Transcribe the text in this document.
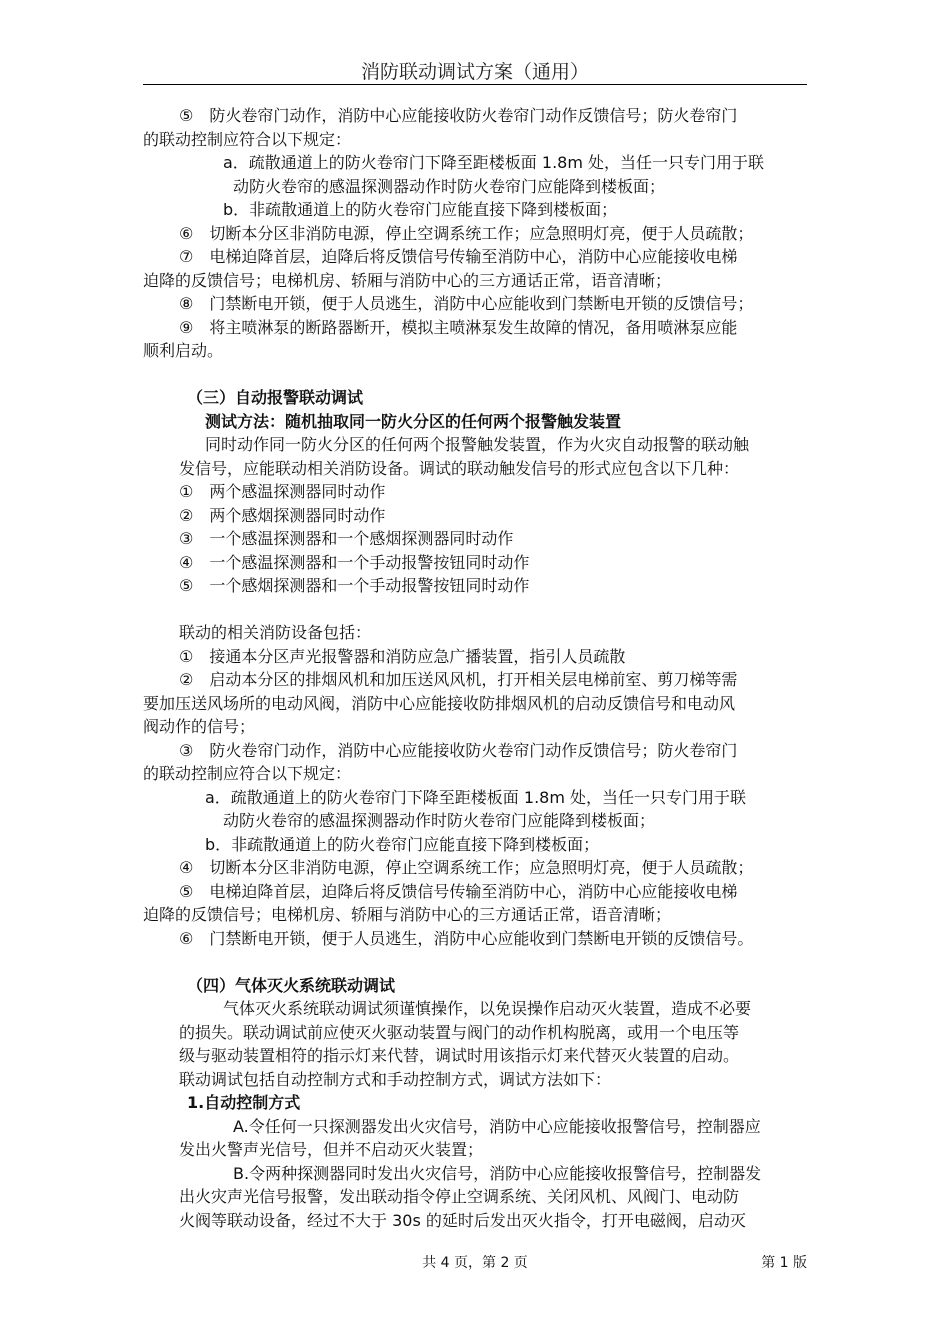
消防联动调试方案（通用）
⑤　防火卷帘门动作，消防中心应能接收防火卷帘门动作反馈信号；防火卷帘门
的联动控制应符合以下规定：
a．疏散通道上的防火卷帘门下降至距楼板面 1.8m 处，当任一只专门用于联
动防火卷帘的感温探测器动作时防火卷帘门应能降到楼板面；
b．非疏散通道上的防火卷帘门应能直接下降到楼板面；
⑥　切断本分区非消防电源，停止空调系统工作；应急照明灯亮，便于人员疏散；
⑦　电梯迫降首层，迫降后将反馈信号传输至消防中心，消防中心应能接收电梯
迫降的反馈信号；电梯机房、轿厢与消防中心的三方通话正常，语音清晰；
⑧　门禁断电开锁，便于人员逃生，消防中心应能收到门禁断电开锁的反馈信号；
⑨　将主喷淋泵的断路器断开，模拟主喷淋泵发生故障的情况，备用喷淋泵应能
顺利启动。
（三）自动报警联动调试
测试方法：随机抽取同一防火分区的任何两个报警触发装置
同时动作同一防火分区的任何两个报警触发装置，作为火灾自动报警的联动触
发信号，应能联动相关消防设备。调试的联动触发信号的形式应包含以下几种：
①　两个感温探测器同时动作
②　两个感烟探测器同时动作
③　一个感温探测器和一个感烟探测器同时动作
④　一个感温探测器和一个手动报警按钮同时动作
⑤　一个感烟探测器和一个手动报警按钮同时动作
联动的相关消防设备包括：
①　接通本分区声光报警器和消防应急广播装置，指引人员疏散
②　启动本分区的排烟风机和加压送风风机，打开相关层电梯前室、剪刀梯等需
要加压送风场所的电动风阀，消防中心应能接收防排烟风机的启动反馈信号和电动风
阀动作的信号；
③　防火卷帘门动作，消防中心应能接收防火卷帘门动作反馈信号；防火卷帘门
的联动控制应符合以下规定：
a．疏散通道上的防火卷帘门下降至距楼板面 1.8m 处，当任一只专门用于联
动防火卷帘的感温探测器动作时防火卷帘门应能降到楼板面；
b．非疏散通道上的防火卷帘门应能直接下降到楼板面；
④　切断本分区非消防电源，停止空调系统工作；应急照明灯亮，便于人员疏散；
⑤　电梯迫降首层，迫降后将反馈信号传输至消防中心，消防中心应能接收电梯
迫降的反馈信号；电梯机房、轿厢与消防中心的三方通话正常，语音清晰；
⑥　门禁断电开锁，便于人员逃生，消防中心应能收到门禁断电开锁的反馈信号。
（四）气体灭火系统联动调试
气体灭火系统联动调试须谨慎操作，以免误操作启动灭火装置，造成不必要
的损失。联动调试前应使灭火驱动装置与阀门的动作机构脱离，或用一个电压等
级与驱动装置相符的指示灯来代替，调试时用该指示灯来代替灭火装置的启动。
联动调试包括自动控制方式和手动控制方式，调试方法如下：
1.自动控制方式
A.令任何一只探测器发出火灾信号，消防中心应能接收报警信号，控制器应
发出火警声光信号，但并不启动灭火装置；
B.令两种探测器同时发出火灾信号，消防中心应能接收报警信号，控制器发
出火灾声光信号报警，发出联动指令停止空调系统、关闭风机、风阀门、电动防
火阀等联动设备，经过不大于 30s 的延时后发出灭火指令，打开电磁阀，启动灭
共 4 页，第 2 页	第 1 版
